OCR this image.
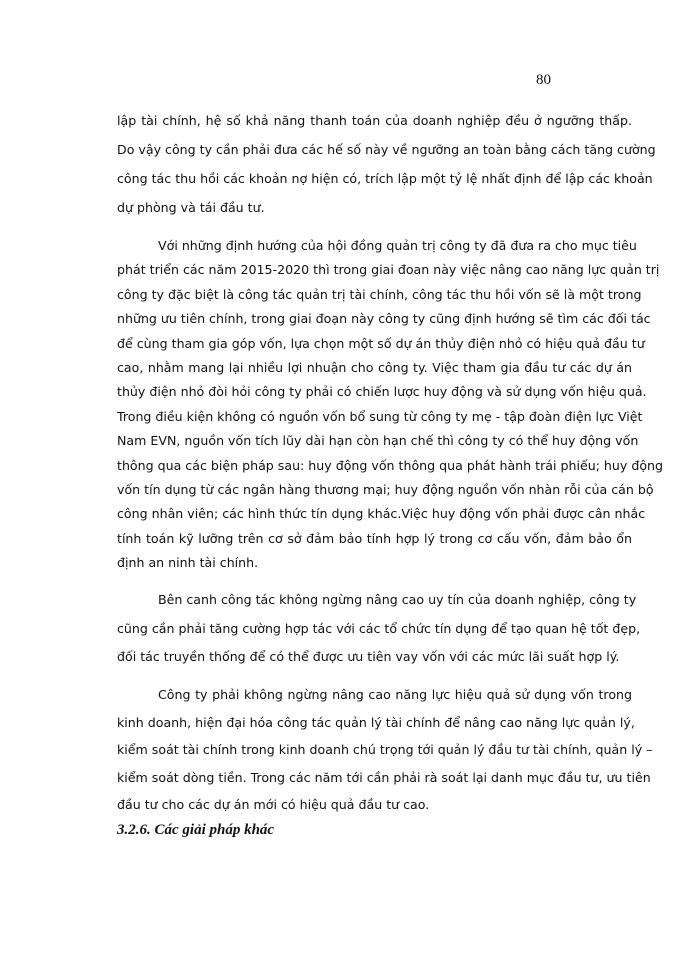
80
lập tài chính, hệ số khả năng thanh toán của doanh nghiệp đều ở ngưỡng thấp.
Do vậy công ty cần phải đưa các hế số này về ngưỡng an toàn bằng cách tăng cường
công tác thu hồi các khoản nợ hiện có, trích lập một tỷ lệ nhất định để lập các khoản
dự phòng và tái đầu tư.
Với những định hướng của hội đồng quản trị công ty đã đưa ra cho mục tiêu
phát triển các năm 2015-2020 thì trong giai đoan này việc nâng cao năng lực quản trị
công ty đặc biệt là công tác quản trị tài chính, công tác thu hồi vốn sẽ là một trong
những ưu tiên chính, trong giai đoạn này công ty cũng định hướng sẽ tìm các đối tác
để cùng tham gia góp vốn, lựa chọn một số dự án thủy điện nhỏ có hiệu quả đầu tư
cao, nhằm mang lại nhiều lợi nhuận cho công ty. Việc tham gia đầu tư các dự án
thủy điện nhỏ đòi hỏi công ty phải có chiến lược huy động và sử dụng vốn hiệu quả.
Trong điều kiện không có nguồn vốn bổ sung từ công ty mẹ - tập đoàn điện lực Việt
Nam EVN, nguồn vốn tích lũy dài hạn còn hạn chế thì công ty có thể huy động vốn
thông qua các biện pháp sau: huy động vốn thông qua phát hành trái phiếu; huy động
vốn tín dụng từ các ngân hàng thương mại; huy động nguồn vốn nhàn rỗi của cán bộ
công nhân viên; các hình thức tín dụng khác.Việc huy động vốn phải được cân nhắc
tính toán kỹ lưỡng trên cơ sở đảm bảo tính hợp lý trong cơ cấu vốn, đảm bảo ổn
định an ninh tài chính.
Bên canh công tác không ngừng nâng cao uy tín của doanh nghiệp, công ty
cũng cần phải tăng cường hợp tác với các tổ chức tín dụng để tạo quan hệ tốt đẹp,
đối tác truyền thống để có thể được ưu tiên vay vốn với các mức lãi suất hợp lý.
Công ty phải không ngừng nâng cao năng lực hiệu quả sử dụng vốn trong
kinh doanh, hiện đại hóa công tác quản lý tài chính để nâng cao năng lực quản lý,
kiểm soát tài chính trong kinh doanh chú trọng tới quản lý đầu tư tài chính, quản lý –
kiểm soát dòng tiền. Trong các năm tới cần phải rà soát lại danh mục đầu tư, ưu tiên
đầu tư cho các dự án mới có hiệu quả đầu tư cao.
3.2.6. Các giải pháp khác
